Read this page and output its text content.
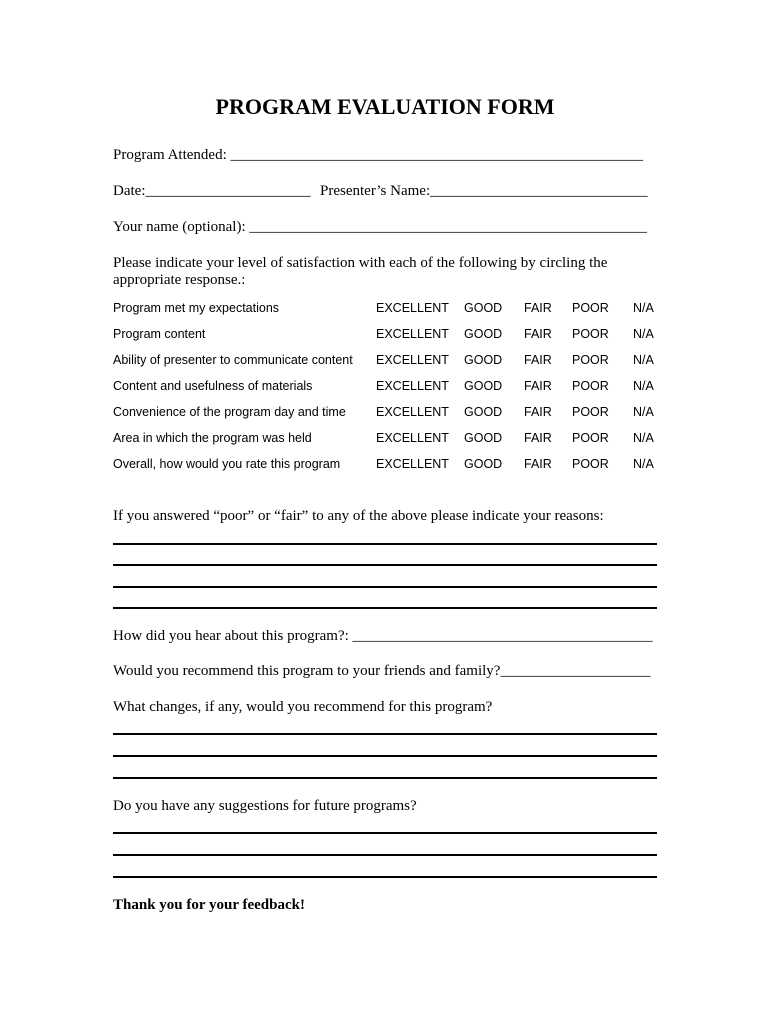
PROGRAM EVALUATION FORM
Program Attended: _______________________________________________________
Date:______________________ Presenter’s Name:_____________________________
Your name (optional): _____________________________________________________
Please indicate your level of satisfaction with each of the following by circling the appropriate response.:
Program met my expectations	EXCELLENT GOOD FAIR POOR N/A
Program content	EXCELLENT GOOD FAIR POOR N/A
Ability of presenter to communicate content EXCELLENT GOOD FAIR POOR N/A
Content and usefulness of materials	EXCELLENT GOOD FAIR POOR N/A
Convenience of the program day and time EXCELLENT GOOD FAIR POOR N/A
Area in which the program was held	EXCELLENT GOOD FAIR POOR N/A
Overall, how would you rate this program	EXCELLENT GOOD FAIR POOR N/A
If you answered “poor” or “fair” to any of the above please indicate your reasons:
How did you hear about this program?: ________________________________________
Would you recommend this program to your friends and family?____________________
What changes, if any, would you recommend for this program?
Do you have any suggestions for future programs?
Thank you for your feedback!
